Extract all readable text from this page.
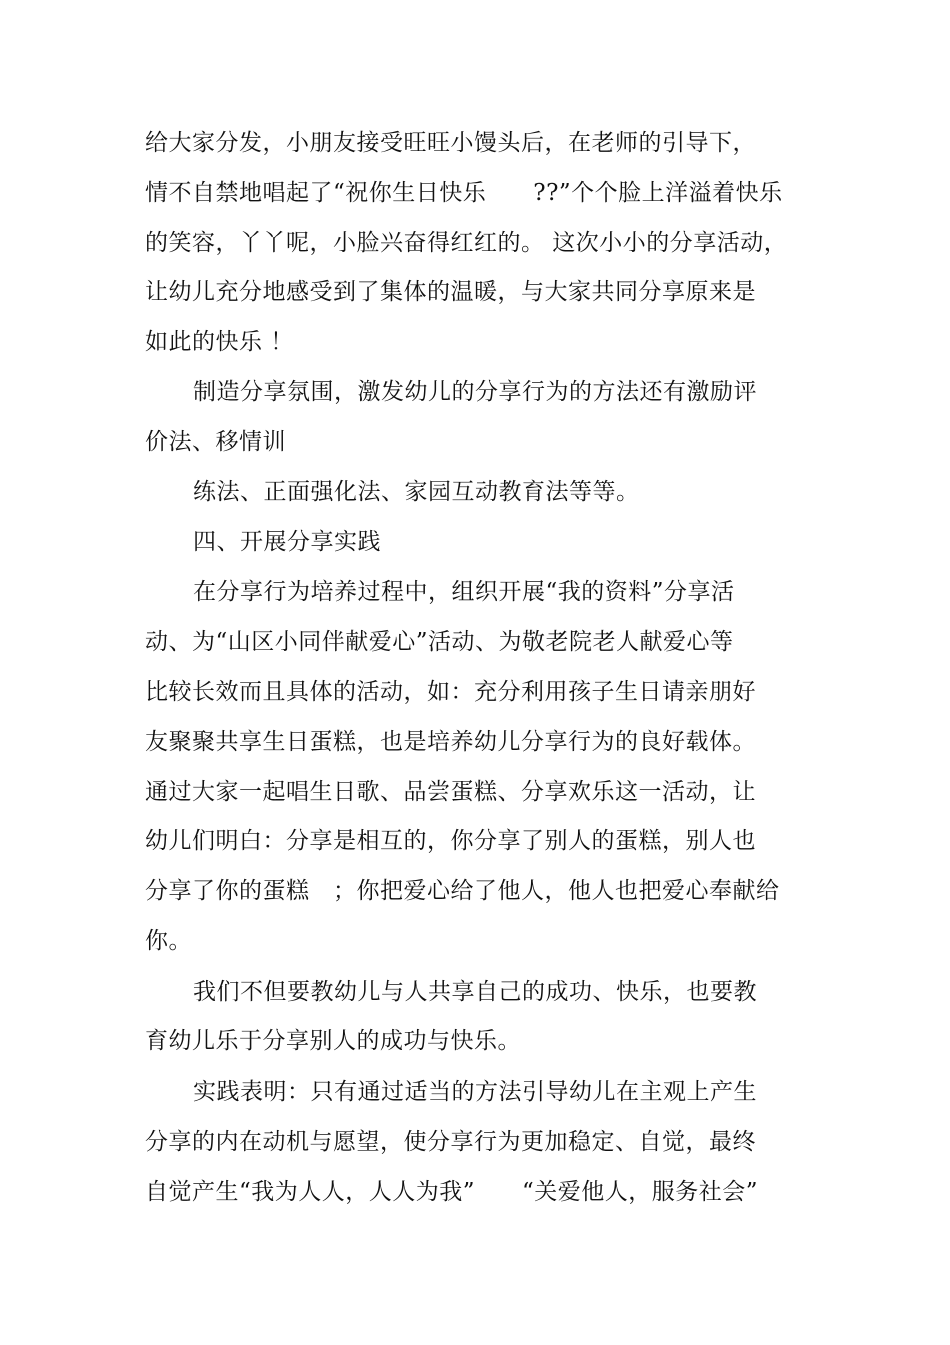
给大家分发，小朋友接受旺旺小馒头后，在老师的引导下，
情不自禁地唱起了“祝你生日快乐　　??”个个脸上洋溢着快乐
的笑容，丫丫呢，小脸兴奋得红红的。 这次小小的分享活动，
让幼儿充分地感受到了集体的温暖，与大家共同分享原来是
如此的快乐 ！
制造分享氛围，激发幼儿的分享行为的方法还有激励评
价法、移情训
练法、正面强化法、家园互动教育法等等。
四、开展分享实践
在分享行为培养过程中，组织开展“我的资料”分享活
动、为“山区小同伴献爱心”活动、为敬老院老人献爱心等
比较长效而且具体的活动，如：充分利用孩子生日请亲朋好
友聚聚共享生日蛋糕，也是培养幼儿分享行为的良好载体。
通过大家一起唱生日歌、品尝蛋糕、分享欢乐这一活动，让
幼儿们明白：分享是相互的，你分享了别人的蛋糕，别人也
分享了你的蛋糕　；你把爱心给了他人，他人也把爱心奉献给
你。
我们不但要教幼儿与人共享自己的成功、快乐，也要教
育幼儿乐于分享别人的成功与快乐。
实践表明：只有通过适当的方法引导幼儿在主观上产生
分享的内在动机与愿望，使分享行为更加稳定、自觉，最终
自觉产生“我为人人，人人为我”　　“关爱他人，服务社会”
